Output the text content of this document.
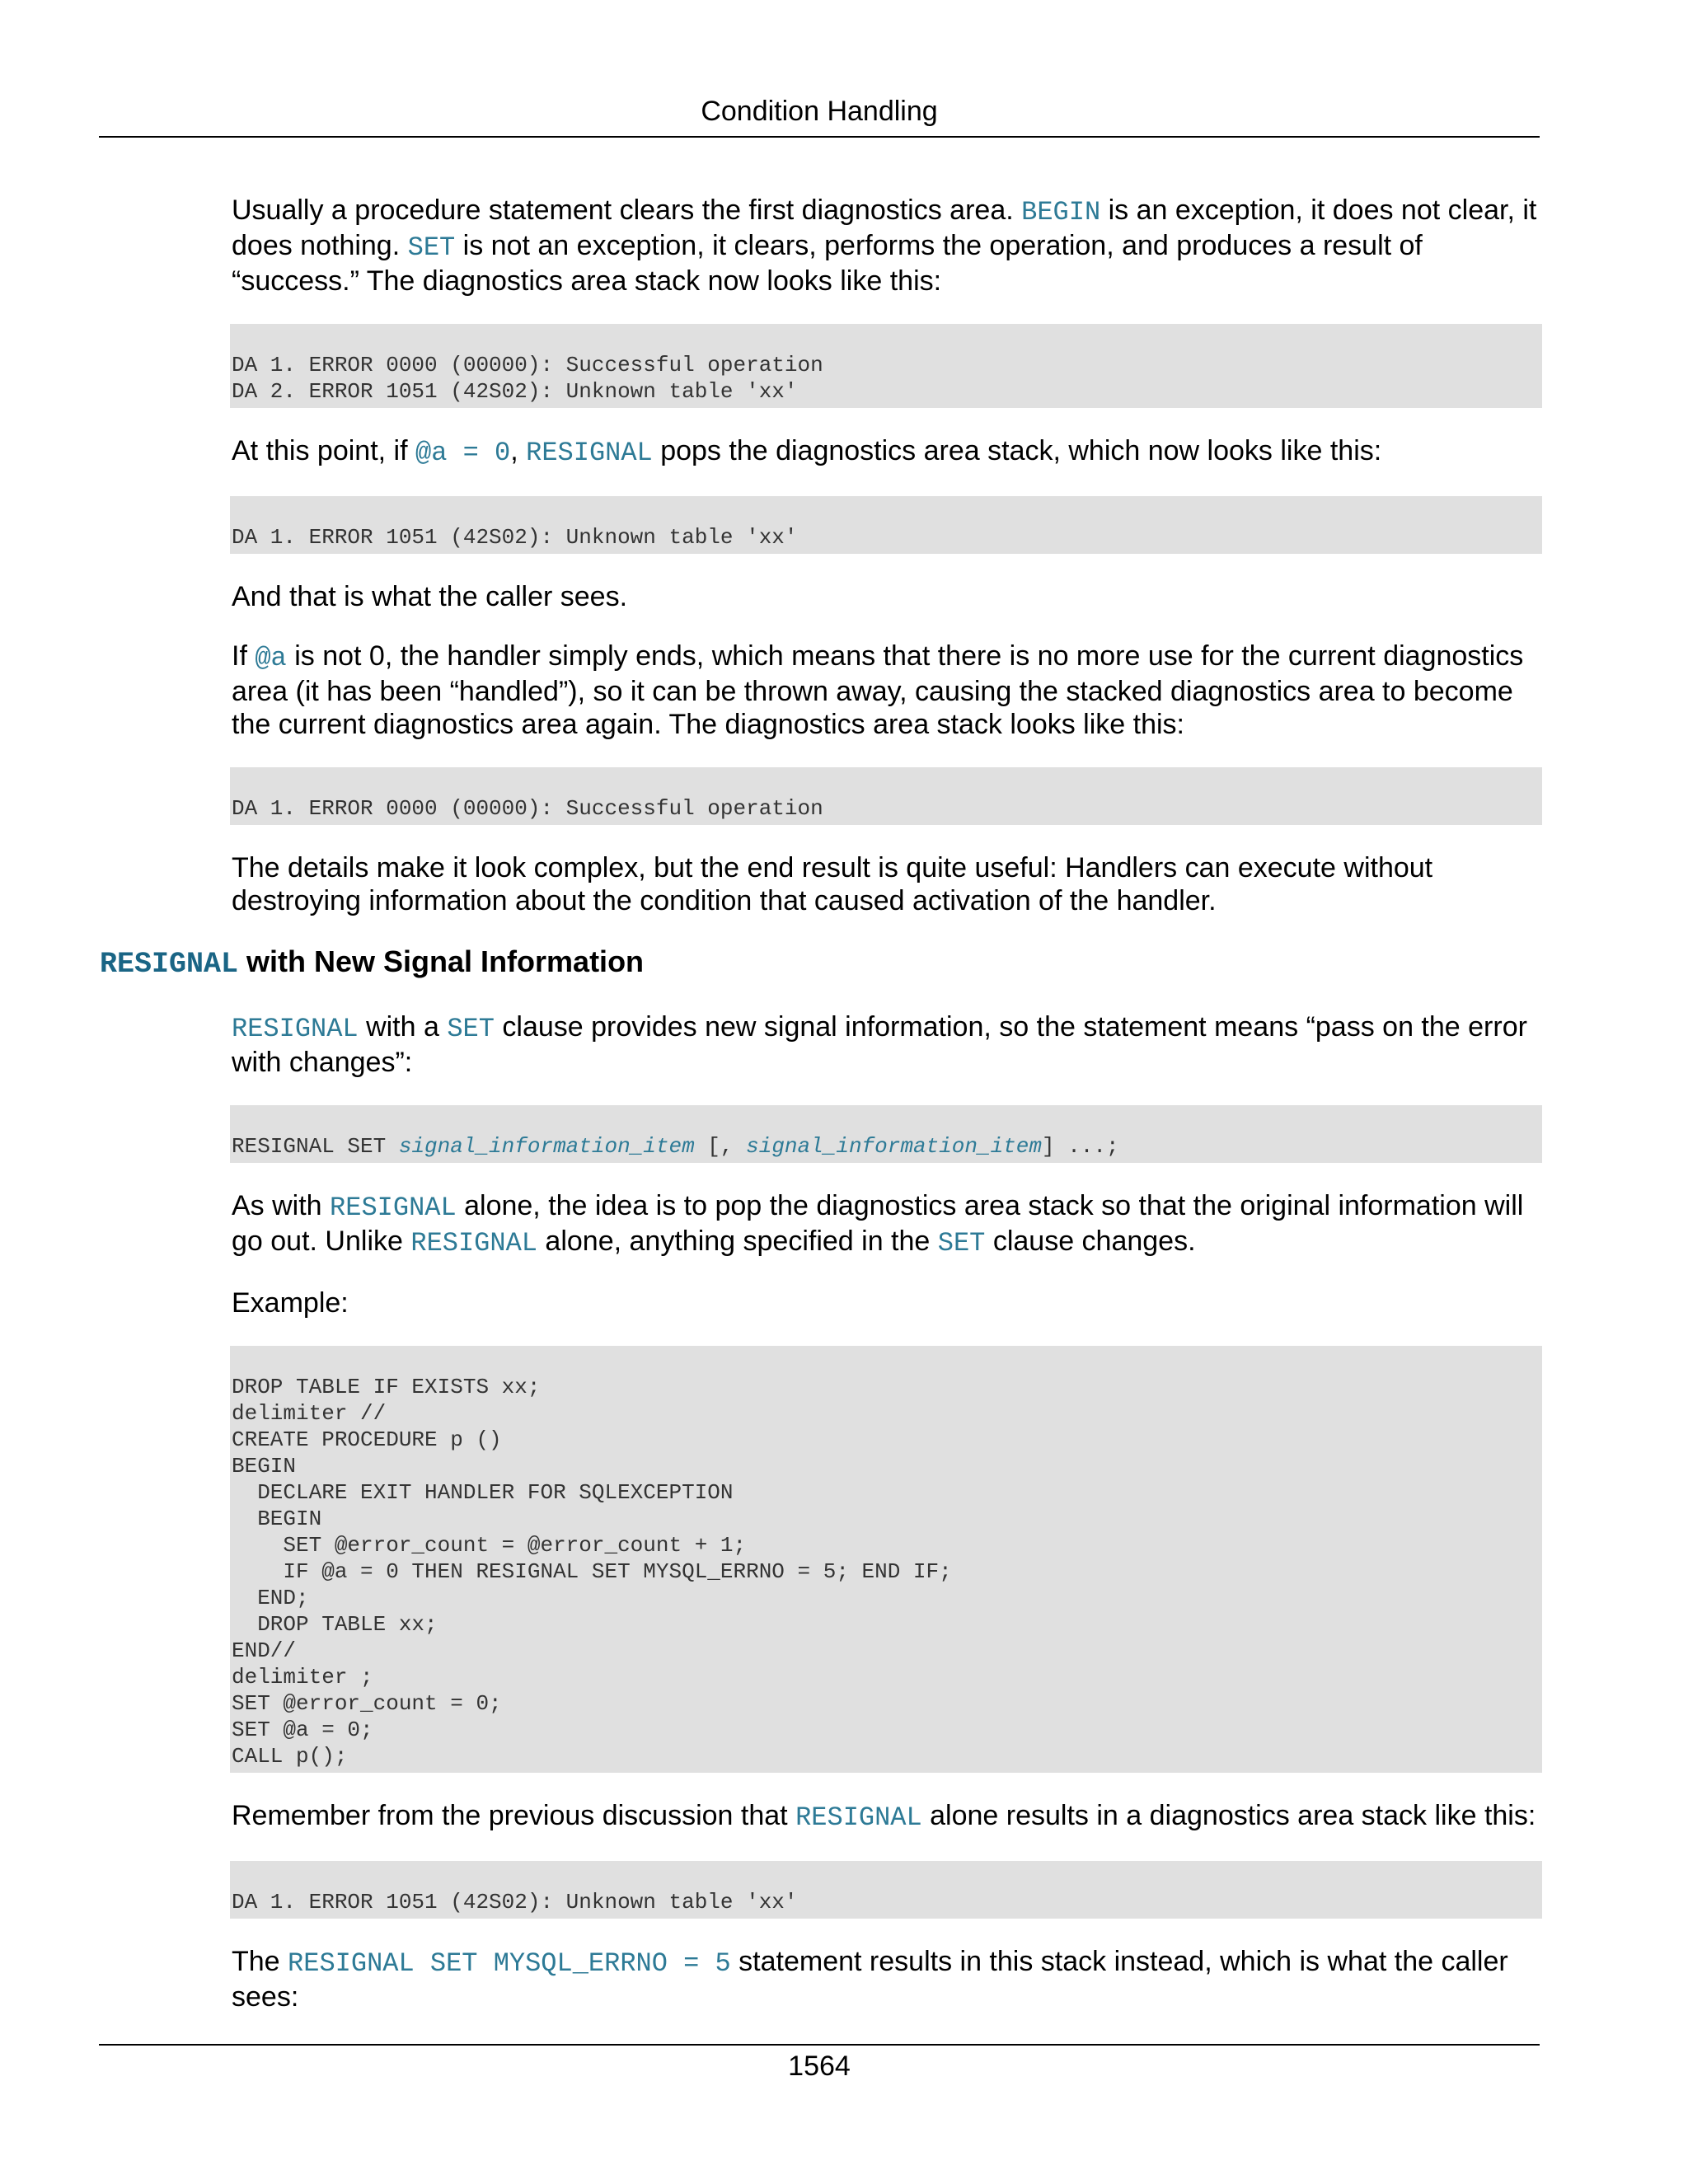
Condition Handling

Usually a procedure statement clears the first diagnostics area. BEGIN is an exception, it does not clear, it does nothing. SET is not an exception, it clears, performs the operation, and produces a result of “success.” The diagnostics area stack now looks like this:

DA 1. ERROR 0000 (00000): Successful operation
DA 2. ERROR 1051 (42S02): Unknown table 'xx'

At this point, if @a = 0, RESIGNAL pops the diagnostics area stack, which now looks like this:

DA 1. ERROR 1051 (42S02): Unknown table 'xx'

And that is what the caller sees.

If @a is not 0, the handler simply ends, which means that there is no more use for the current diagnostics area (it has been “handled”), so it can be thrown away, causing the stacked diagnostics area to become the current diagnostics area again. The diagnostics area stack looks like this:

DA 1. ERROR 0000 (00000): Successful operation

The details make it look complex, but the end result is quite useful: Handlers can execute without destroying information about the condition that caused activation of the handler.

RESIGNAL with New Signal Information

RESIGNAL with a SET clause provides new signal information, so the statement means “pass on the error with changes”:

RESIGNAL SET signal_information_item [, signal_information_item] ...;

As with RESIGNAL alone, the idea is to pop the diagnostics area stack so that the original information will go out. Unlike RESIGNAL alone, anything specified in the SET clause changes.

Example:

DROP TABLE IF EXISTS xx;
delimiter //
CREATE PROCEDURE p ()
BEGIN
DECLARE EXIT HANDLER FOR SQLEXCEPTION
BEGIN
SET @error_count = @error_count + 1;
IF @a = 0 THEN RESIGNAL SET MYSQL_ERRNO = 5; END IF;
END;
DROP TABLE xx;
END//
delimiter ;
SET @error_count = 0;
SET @a = 0;
CALL p();

Remember from the previous discussion that RESIGNAL alone results in a diagnostics area stack like this:

DA 1. ERROR 1051 (42S02): Unknown table 'xx'

The RESIGNAL SET MYSQL_ERRNO = 5 statement results in this stack instead, which is what the caller sees:

1564
